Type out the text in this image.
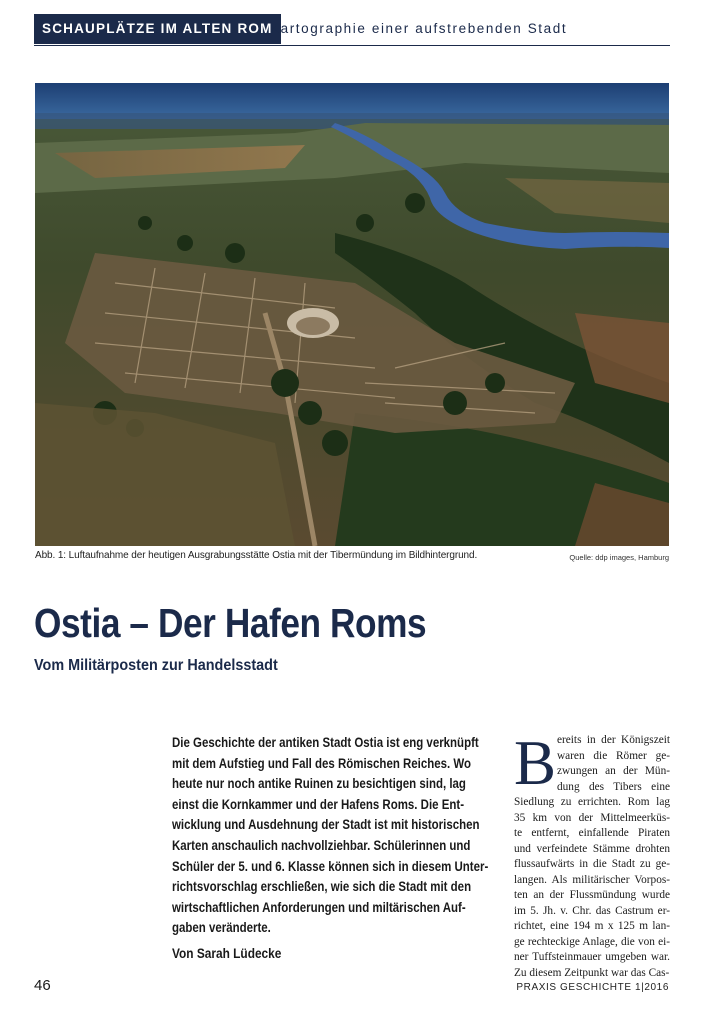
SCHAUPLÄTZE IM ALTEN ROM
Kartographie einer aufstrebenden Stadt
Abb. 1: Luftaufnahme der heutigen Ausgrabungsstätte Ostia mit der Tibermündung im Bildhintergrund.	Quelle: ddp images, Hamburg
Ostia – Der Hafen Roms
Vom Militärposten zur Handelsstadt
Die Geschichte der antiken Stadt Ostia ist eng verknüpft
mit dem Aufstieg und Fall des Römischen Reiches. Wo
heute nur noch antike Ruinen zu besichtigen sind, lag
einst die Kornkammer und der Hafens Roms. Die Ent-
wicklung und Ausdehnung der Stadt ist mit historischen
Karten anschaulich nachvollziehbar. Schülerinnen und
Schüler der 5. und 6. Klasse können sich in diesem Unter-
richtsvorschlag erschließen, wie sich die Stadt mit den
wirtschaftlichen Anforderungen und miltärischen Auf-
gaben veränderte.
Von Sarah Lüdecke
B ereits in der Königszeit
waren die Römer ge-
zwungen an der Mün-
dung des Tibers eine
Siedlung zu errichten. Rom lag
35 km von der Mittelmeerküs-
te entfernt, einfallende Piraten
und verfeindete Stämme drohten
flussaufwärts in die Stadt zu ge-
langen. Als militärischer Vorpos-
ten an der Flussmündung wurde
im 5. Jh. v. Chr. das Castrum er-
richtet, eine 194 m x 125 m lan-
ge rechteckige Anlage, die von ei-
ner Tuffsteinmauer umgeben war.
Zu diesem Zeitpunkt war das Cas-
46	PRAXIS GESCHICHTE 1|2016
